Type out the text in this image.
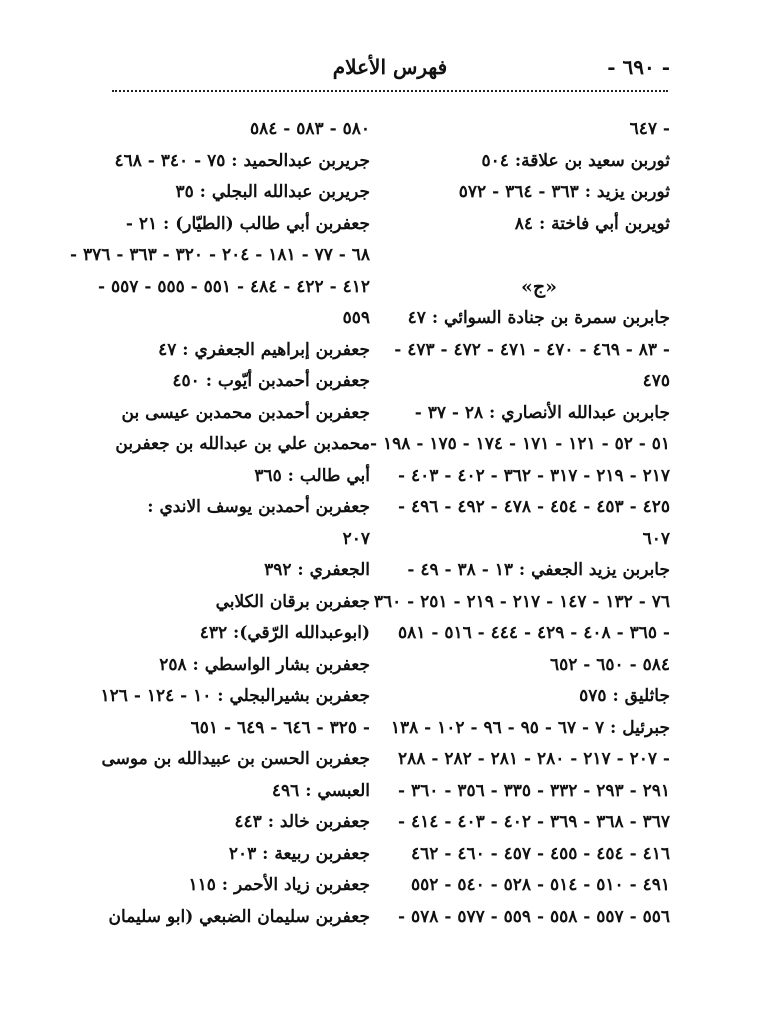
- ٦٩٠ -
فهرس الأعلام
- ٦٤٧
ثوربن سعيد بن علاقة: ٥٠٤
ثوربن يزيد : ٣٦٣ - ٣٦٤ - ٥٧٢
ثويربن أبي فاختة : ٨٤
«ج»
جابربن سمرة بن جنادة السوائي : ٤٧
- ٨٣ - ٤٦٩ - ٤٧٠ - ٤٧١ - ٤٧٢ - ٤٧٣ -
٤٧٥
جابربن عبدالله الأنصاري : ٢٨ - ٣٧ -
٥١ - ٥٢ - ١٢١ - ١٧١ - ١٧٤ - ١٧٥ - ١٩٨ -
٢١٧ - ٢١٩ - ٣١٧ - ٣٦٢ - ٤٠٢ - ٤٠٣ -
٤٢٥ - ٤٥٣ - ٤٥٤ - ٤٧٨ - ٤٩٢ - ٤٩٦ -
٦٠٧
جابربن يزيد الجعفي : ١٣ - ٣٨ - ٤٩ -
٧٦ - ١٣٢ - ١٤٧ - ٢١٧ - ٢١٩ - ٢٥١ - ٣٦٠
- ٣٦٥ - ٤٠٨ - ٤٢٩ - ٤٤٤ - ٥١٦ - ٥٨١
٥٨٤ - ٦٥٠ - ٦٥٢
جاثليق : ٥٧٥
جبرئيل : ٧ - ٦٧ - ٩٥ - ٩٦ - ١٠٢ - ١٣٨
- ٢٠٧ - ٢١٧ - ٢٨٠ - ٢٨١ - ٢٨٢ - ٢٨٨
٢٩١ - ٢٩٣ - ٣٣٢ - ٣٣٥ - ٣٥٦ - ٣٦٠ -
٣٦٧ - ٣٦٨ - ٣٦٩ - ٤٠٢ - ٤٠٣ - ٤١٤ -
٤١٦ - ٤٥٤ - ٤٥٥ - ٤٥٧ - ٤٦٠ - ٤٦٢
٤٩١ - ٥١٠ - ٥١٤ - ٥٢٨ - ٥٤٠ - ٥٥٢
٥٥٦ - ٥٥٧ - ٥٥٨ - ٥٥٩ - ٥٧٧ - ٥٧٨ -
٥٨٠ - ٥٨٣ - ٥٨٤
جريربن عبدالحميد : ٧٥ - ٣٤٠ - ٤٦٨
جريربن عبدالله البجلي : ٣٥
جعفربن أبي طالب (الطيّار) : ٢١ -
٦٨ - ٧٧ - ١٨١ - ٢٠٤ - ٣٢٠ - ٣٦٣ - ٣٧٦ -
٤١٢ - ٤٢٢ - ٤٨٤ - ٥٥١ - ٥٥٥ - ٥٥٧ -
٥٥٩
جعفربن إبراهيم الجعفري : ٤٧
جعفربن أحمدبن أيّوب : ٤٥٠
جعفربن أحمدبن محمدبن عيسى بن
محمدبن علي بن عبدالله بن جعفربن
أبي طالب : ٣٦٥
جعفربن أحمدبن يوسف الاندي :
٢٠٧
الجعفري : ٣٩٢
جعفربن برقان الكلابي
(ابوعبدالله الرّقي): ٤٣٢
جعفربن بشار الواسطي : ٢٥٨
جعفربن بشيرالبجلي : ١٠ - ١٢٤ - ١٢٦
- ٣٢٥ - ٦٤٦ - ٦٤٩ - ٦٥١
جعفربن الحسن بن عبيدالله بن موسى
العبسي : ٤٩٦
جعفربن خالد : ٤٤٣
جعفربن ربيعة : ٢٠٣
جعفربن زياد الأحمر : ١١٥
جعفربن سليمان الضبعي (ابو سليمان
